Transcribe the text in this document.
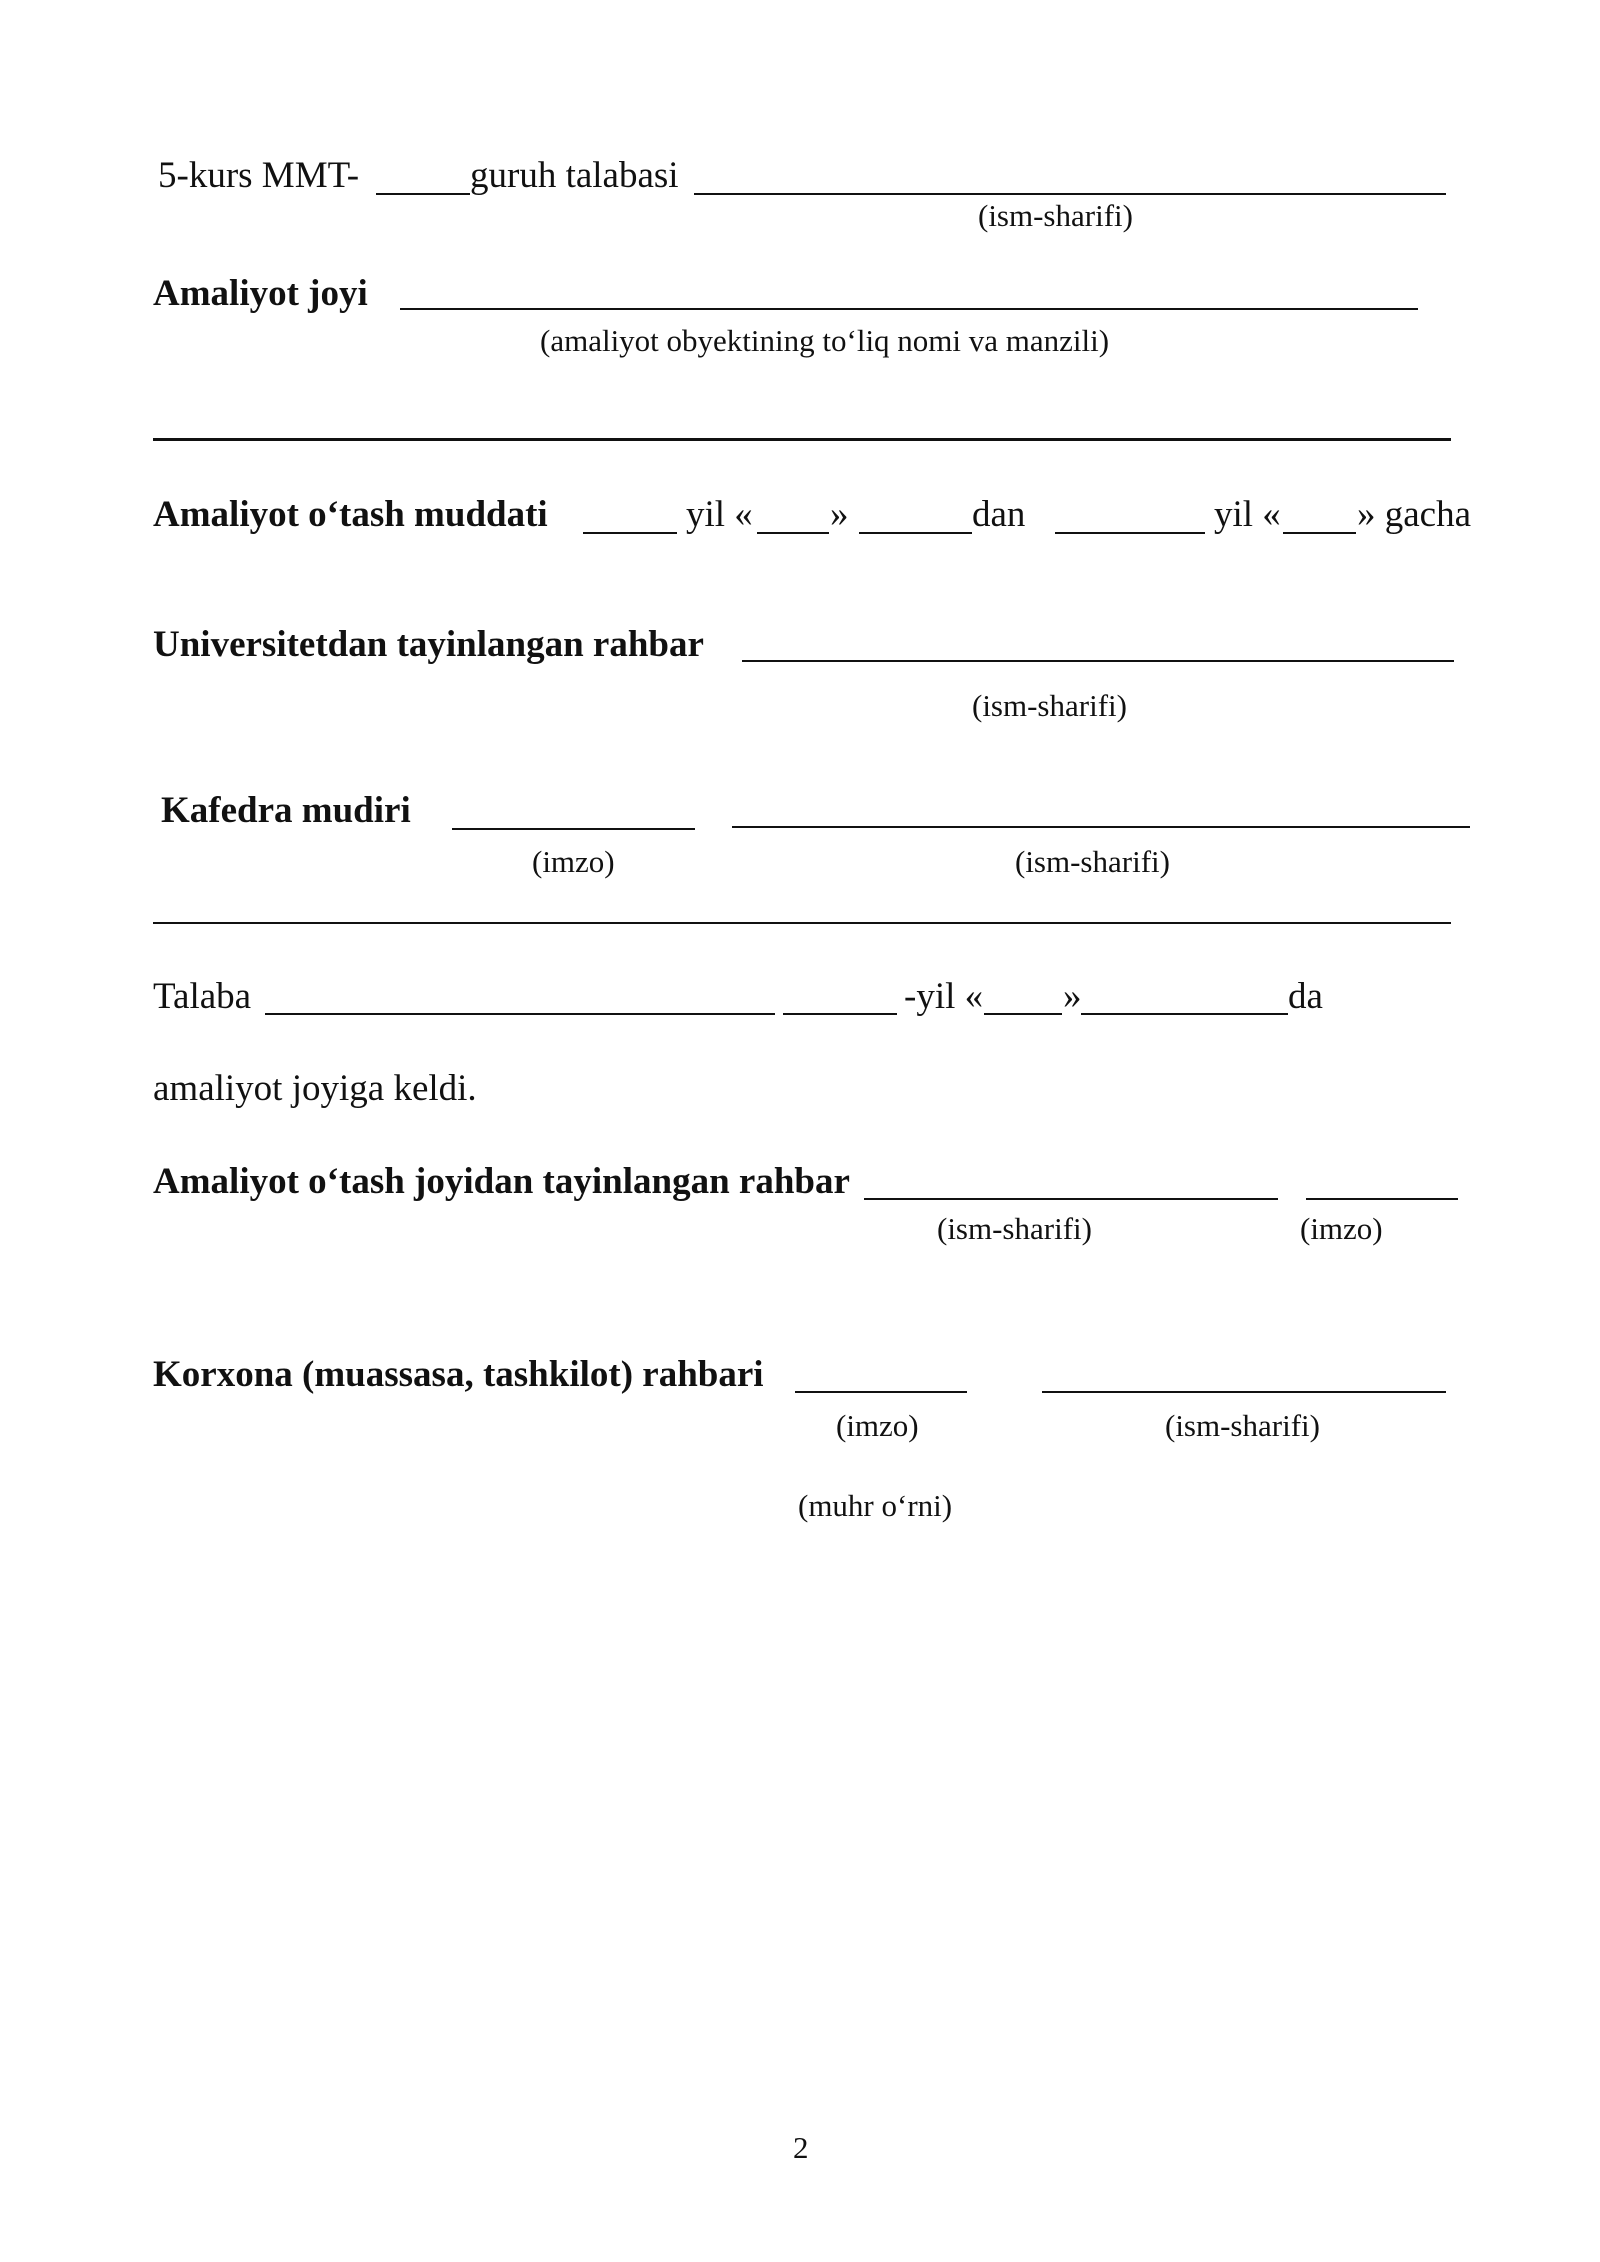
5-kurs MMT-	guruh talabasi
(ism-sharifi)
Amaliyot joyi
(amaliyot obyektining to‘liq nomi va manzili)
Amaliyot o‘tash muddati	yil « »	dan	yil « » gacha
Universitetdan tayinlangan rahbar
(ism-sharifi)
Kafedra mudiri
(imzo)	(ism-sharifi)
Talaba	-yil « »	da
amaliyot joyiga keldi.
Amaliyot o‘tash joyidan tayinlangan rahbar
(ism-sharifi)	(imzo)
Korxona (muassasa, tashkilot) rahbari
(imzo)	(ism-sharifi)
(muhr o‘rni)
2
